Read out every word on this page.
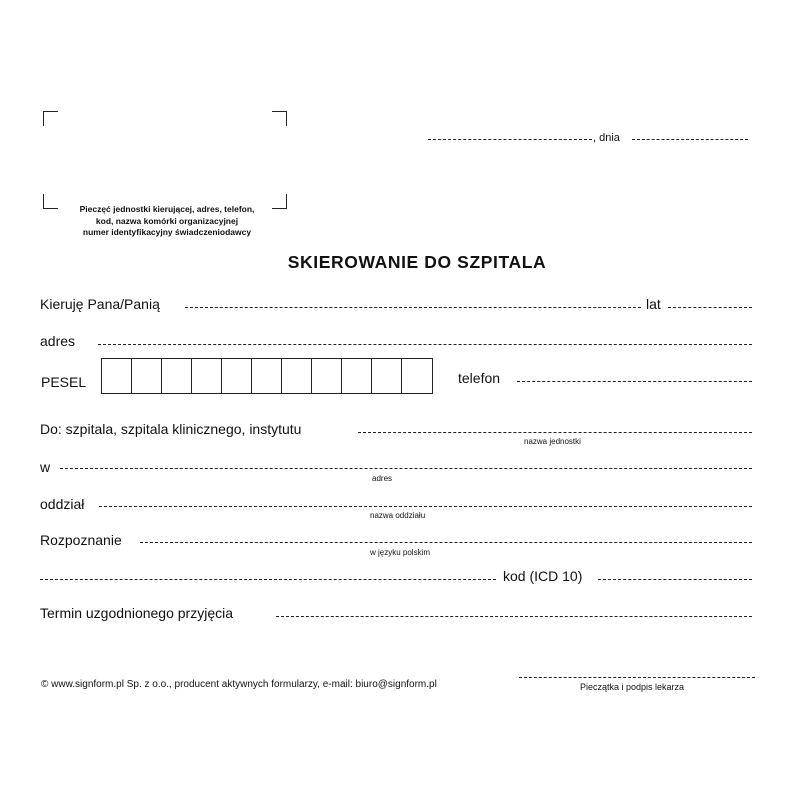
Pieczęć jednostki kierującej, adres, telefon,
kod, nazwa komórki organizacyjnej
numer identyfikacyjny świadczeniodawcy
, dnia
SKIEROWANIE DO SZPITALA
Kieruję Pana/Panią	lat
adres
PESEL	telefon
Do: szpitala, szpitala klinicznego, instytutu
nazwa jednostki
w
adres
oddział
nazwa oddziału
Rozpoznanie
w języku polskim
kod (ICD 10)
Termin uzgodnionego przyjęcia
Pieczątka i podpis lekarza
© www.signform.pl Sp. z o.o., producent aktywnych formularzy, e-mail: biuro@signform.pl
